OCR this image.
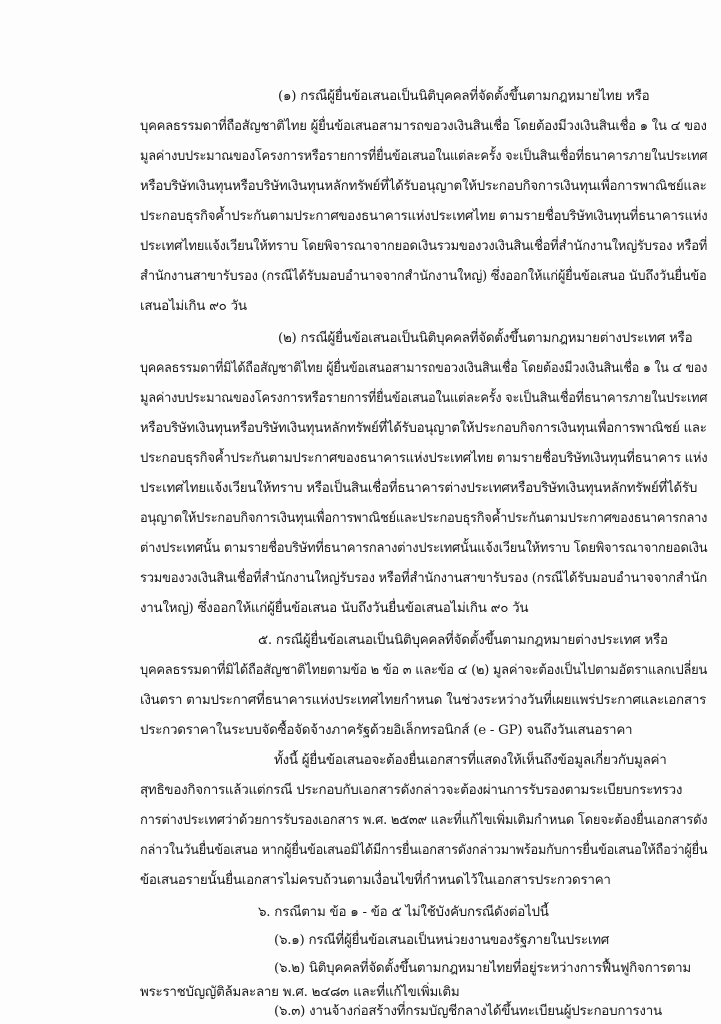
(๑) กรณีผู้ยื่นข้อเสนอเป็นนิติบุคคลที่จัดตั้งขึ้นตามกฎหมายไทย หรือ
บุคคลธรรมดาที่ถือสัญชาติไทย ผู้ยื่นข้อเสนอสามารถขอวงเงินสินเชื่อ โดยต้องมีวงเงินสินเชื่อ ๑ ใน ๔ ของ
มูลค่างบประมาณของโครงการหรือรายการที่ยื่นข้อเสนอในแต่ละครั้ง จะเป็นสินเชื่อที่ธนาคารภายในประเทศ
หรือบริษัทเงินทุนหรือบริษัทเงินทุนหลักทรัพย์ที่ได้รับอนุญาตให้ประกอบกิจการเงินทุนเพื่อการพาณิชย์และ
ประกอบธุรกิจค้ำประกันตามประกาศของธนาคารแห่งประเทศไทย ตามรายชื่อบริษัทเงินทุนที่ธนาคารแห่ง
ประเทศไทยแจ้งเวียนให้ทราบ โดยพิจารณาจากยอดเงินรวมของวงเงินสินเชื่อที่สำนักงานใหญ่รับรอง หรือที่
สำนักงานสาขารับรอง (กรณีได้รับมอบอำนาจจากสำนักงานใหญ่) ซึ่งออกให้แก่ผู้ยื่นข้อเสนอ นับถึงวันยื่นข้อ
เสนอไม่เกิน ๙๐ วัน
(๒) กรณีผู้ยื่นข้อเสนอเป็นนิติบุคคลที่จัดตั้งขึ้นตามกฎหมายต่างประเทศ หรือ
บุคคลธรรมดาที่มิได้ถือสัญชาติไทย ผู้ยื่นข้อเสนอสามารถขอวงเงินสินเชื่อ โดยต้องมีวงเงินสินเชื่อ ๑ ใน ๔ ของ
มูลค่างบประมาณของโครงการหรือรายการที่ยื่นข้อเสนอในแต่ละครั้ง จะเป็นสินเชื่อที่ธนาคารภายในประเทศ
หรือบริษัทเงินทุนหรือบริษัทเงินทุนหลักทรัพย์ที่ได้รับอนุญาตให้ประกอบกิจการเงินทุนเพื่อการพาณิชย์ และ
ประกอบธุรกิจค้ำประกันตามประกาศของธนาคารแห่งประเทศไทย ตามรายชื่อบริษัทเงินทุนที่ธนาคาร แห่ง
ประเทศไทยแจ้งเวียนให้ทราบ หรือเป็นสินเชื่อที่ธนาคารต่างประเทศหรือบริษัทเงินทุนหลักทรัพย์ที่ได้รับ
อนุญาตให้ประกอบกิจการเงินทุนเพื่อการพาณิชย์และประกอบธุรกิจค้ำประกันตามประกาศของธนาคารกลาง
ต่างประเทศนั้น ตามรายชื่อบริษัทที่ธนาคารกลางต่างประเทศนั้นแจ้งเวียนให้ทราบ โดยพิจารณาจากยอดเงิน
รวมของวงเงินสินเชื่อที่สำนักงานใหญ่รับรอง หรือที่สำนักงานสาขารับรอง (กรณีได้รับมอบอำนาจจากสำนัก
งานใหญ่) ซึ่งออกให้แก่ผู้ยื่นข้อเสนอ นับถึงวันยื่นข้อเสนอไม่เกิน ๙๐ วัน
๕. กรณีผู้ยื่นข้อเสนอเป็นนิติบุคคลที่จัดตั้งขึ้นตามกฎหมายต่างประเทศ หรือ
บุคคลธรรมดาที่มิได้ถือสัญชาติไทยตามข้อ ๒ ข้อ ๓ และข้อ ๔ (๒) มูลค่าจะต้องเป็นไปตามอัตราแลกเปลี่ยน
เงินตรา ตามประกาศที่ธนาคารแห่งประเทศไทยกำหนด ในช่วงระหว่างวันที่เผยแพร่ประกาศและเอกสาร
ประกวดราคาในระบบจัดซื้อจัดจ้างภาครัฐด้วยอิเล็กทรอนิกส์ (e - GP) จนถึงวันเสนอราคา
ทั้งนี้ ผู้ยื่นข้อเสนอจะต้องยื่นเอกสารที่แสดงให้เห็นถึงข้อมูลเกี่ยวกับมูลค่า
สุทธิของกิจการแล้วแต่กรณี ประกอบกับเอกสารดังกล่าวจะต้องผ่านการรับรองตามระเบียบกระทรวง
การต่างประเทศว่าด้วยการรับรองเอกสาร พ.ศ. ๒๕๓๙ และที่แก้ไขเพิ่มเติมกำหนด โดยจะต้องยื่นเอกสารดัง
กล่าวในวันยื่นข้อเสนอ หากผู้ยื่นข้อเสนอมิได้มีการยื่นเอกสารดังกล่าวมาพร้อมกับการยื่นข้อเสนอให้ถือว่าผู้ยื่น
ข้อเสนอรายนั้นยื่นเอกสารไม่ครบถ้วนตามเงื่อนไขที่กำหนดไว้ในเอกสารประกวดราคา
๖. กรณีตาม ข้อ ๑ - ข้อ ๕ ไม่ใช้บังคับกรณีดังต่อไปนี้
(๖.๑) กรณีที่ผู้ยื่นข้อเสนอเป็นหน่วยงานของรัฐภายในประเทศ
(๖.๒) นิติบุคคลที่จัดตั้งขึ้นตามกฎหมายไทยที่อยู่ระหว่างการฟื้นฟูกิจการตาม
พระราชบัญญัติล้มละลาย พ.ศ. ๒๔๘๓ และที่แก้ไขเพิ่มเติม
(๖.๓) งานจ้างก่อสร้างที่กรมบัญชีกลางได้ขึ้นทะเบียนผู้ประกอบการงาน
